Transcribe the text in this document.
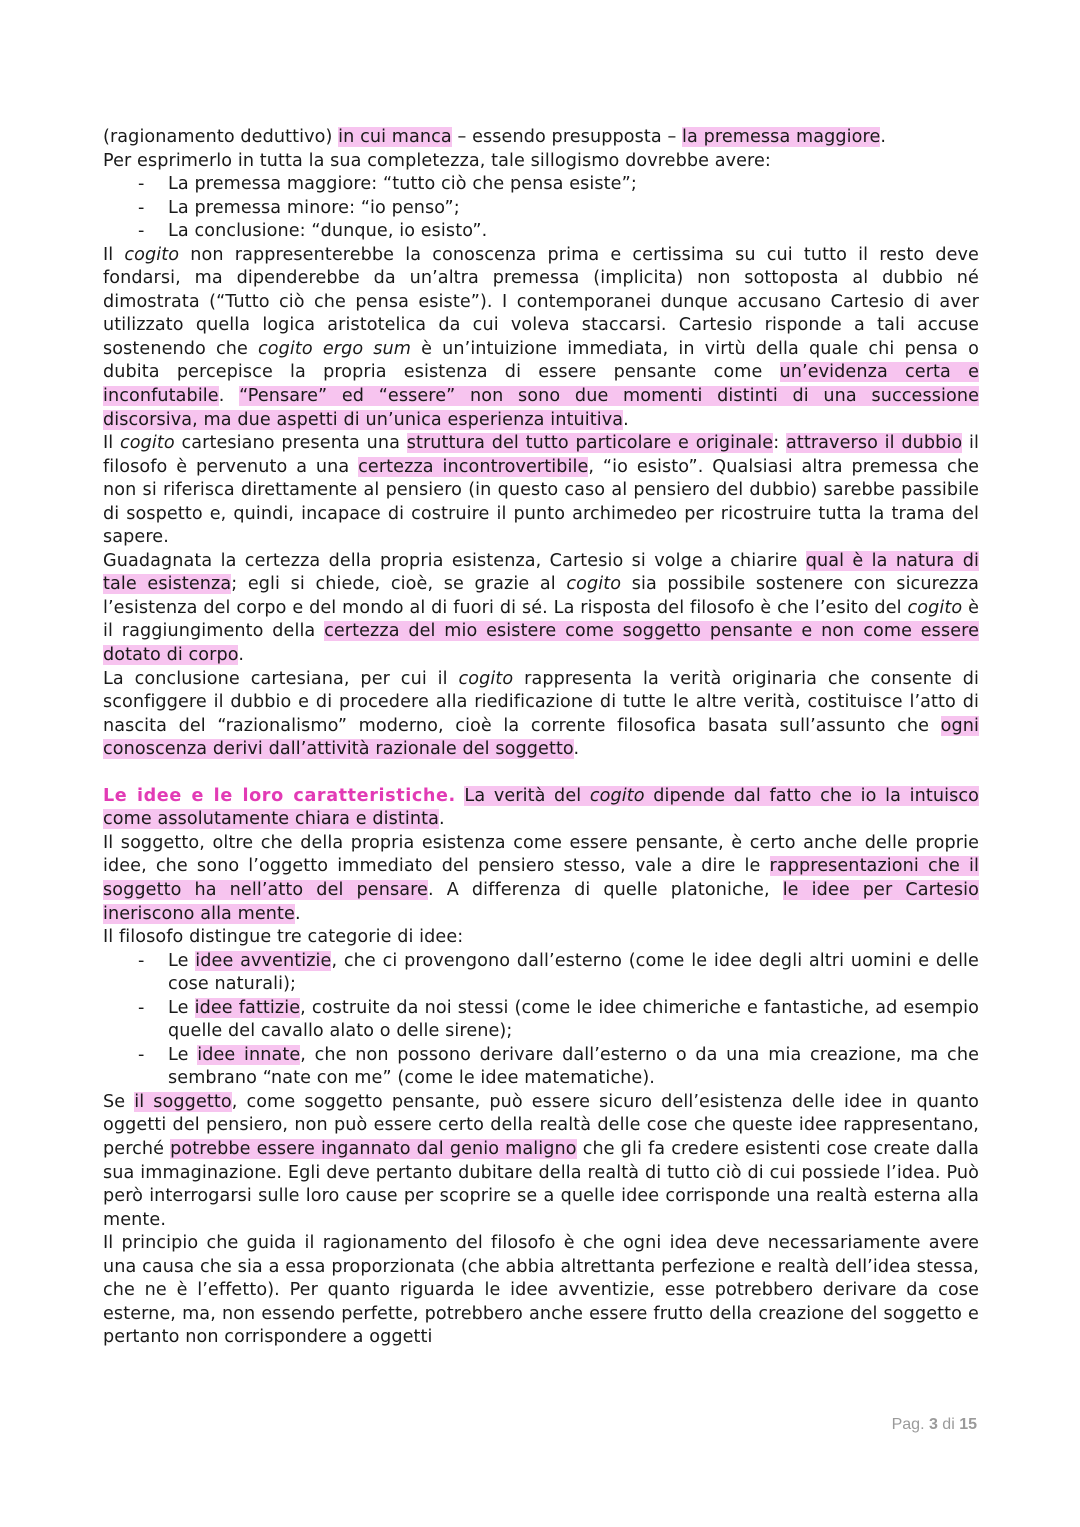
(ragionamento deduttivo) in cui manca – essendo presupposta – la premessa maggiore.
Per esprimerlo in tutta la sua completezza, tale sillogismo dovrebbe avere:

- La premessa maggiore: “tutto ciò che pensa esiste”;
- La premessa minore: “io penso”;
- La conclusione: “dunque, io esisto”.

Il cogito non rappresenterebbe la conoscenza prima e certissima su cui tutto il resto deve fondarsi, ma dipenderebbe da un’altra premessa (implicita) non sottoposta al dubbio né dimostrata (“Tutto ciò che pensa esiste”). I contemporanei dunque accusano Cartesio di aver utilizzato quella logica aristotelica da cui voleva staccarsi. Cartesio risponde a tali accuse sostenendo che cogito ergo sum è un’intuizione immediata, in virtù della quale chi pensa o dubita percepisce la propria esistenza di essere pensante come un’evidenza certa e inconfutabile. “Pensare” ed “essere” non sono due momenti distinti di una successione discorsiva, ma due aspetti di un’unica esperienza intuitiva.

Il cogito cartesiano presenta una struttura del tutto particolare e originale: attraverso il dubbio il filosofo è pervenuto a una certezza incontrovertibile, “io esisto”. Qualsiasi altra premessa che non si riferisca direttamente al pensiero (in questo caso al pensiero del dubbio) sarebbe passibile di sospetto e, quindi, incapace di costruire il punto archimedeo per ricostruire tutta la trama del sapere.

Guadagnata la certezza della propria esistenza, Cartesio si volge a chiarire qual è la natura di tale esistenza; egli si chiede, cioè, se grazie al cogito sia possibile sostenere con sicurezza l’esistenza del corpo e del mondo al di fuori di sé. La risposta del filosofo è che l’esito del cogito è il raggiungimento della certezza del mio esistere come soggetto pensante e non come essere dotato di corpo.

La conclusione cartesiana, per cui il cogito rappresenta la verità originaria che consente di sconfiggere il dubbio e di procedere alla riedificazione di tutte le altre verità, costituisce l’atto di nascita del “razionalismo” moderno, cioè la corrente filosofica basata sull’assunto che ogni conoscenza derivi dall’attività razionale del soggetto.

Le idee e le loro caratteristiche. La verità del cogito dipende dal fatto che io la intuisco come assolutamente chiara e distinta.

Il soggetto, oltre che della propria esistenza come essere pensante, è certo anche delle proprie idee, che sono l’oggetto immediato del pensiero stesso, vale a dire le rappresentazioni che il soggetto ha nell’atto del pensare. A differenza di quelle platoniche, le idee per Cartesio ineriscono alla mente.

Il filosofo distingue tre categorie di idee:

- Le idee avventizie, che ci provengono dall’esterno (come le idee degli altri uomini e delle cose naturali);
- Le idee fattizie, costruite da noi stessi (come le idee chimeriche e fantastiche, ad esempio quelle del cavallo alato o delle sirene);
- Le idee innate, che non possono derivare dall’esterno o da una mia creazione, ma che sembrano “nate con me” (come le idee matematiche).

Se il soggetto, come soggetto pensante, può essere sicuro dell’esistenza delle idee in quanto oggetti del pensiero, non può essere certo della realtà delle cose che queste idee rappresentano, perché potrebbe essere ingannato dal genio maligno che gli fa credere esistenti cose create dalla sua immaginazione. Egli deve pertanto dubitare della realtà di tutto ciò di cui possiede l’idea. Può però interrogarsi sulle loro cause per scoprire se a quelle idee corrisponde una realtà esterna alla mente.

Il principio che guida il ragionamento del filosofo è che ogni idea deve necessariamente avere una causa che sia a essa proporzionata (che abbia altrettanta perfezione e realtà dell’idea stessa, che ne è l’effetto). Per quanto riguarda le idee avventizie, esse potrebbero derivare da cose esterne, ma, non essendo perfette, potrebbero anche essere frutto della creazione del soggetto e pertanto non corrispondere a oggetti

Pag. 3 di 15
